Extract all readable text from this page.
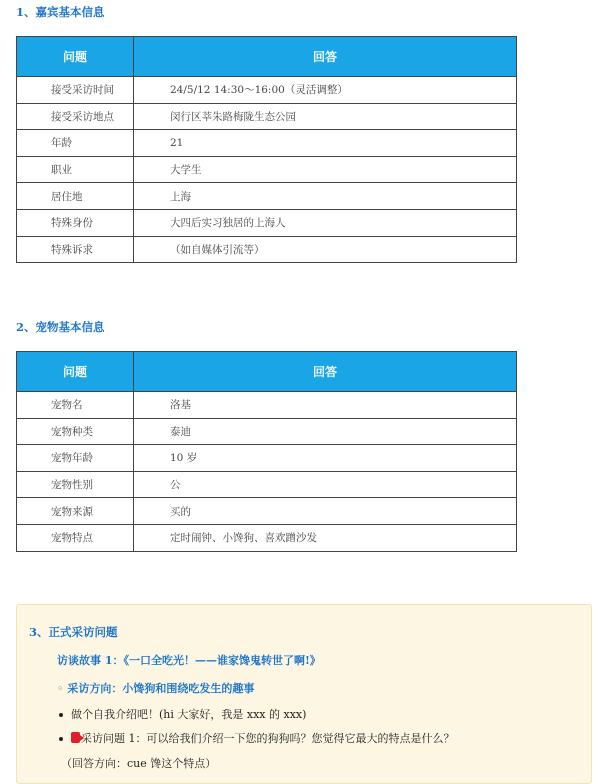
1、嘉宾基本信息
问题	回答
接受采访时间	24/5/12 14:30～16:00（灵活调整）
接受采访地点	闵行区莘朱路梅陇生态公园
年龄	21
职业	大学生
居住地	上海
特殊身份	大四后实习独居的上海人
特殊诉求	（如自媒体引流等）
2、宠物基本信息
问题	回答
宠物名	洛基
宠物种类	泰迪
宠物年龄	10 岁
宠物性别	公
宠物来源	买的
宠物特点	定时闹钟、小馋狗、喜欢蹭沙发
3、正式采访问题
访谈故事 1：《一口全吃光！——谁家馋鬼转世了啊!》
◦ 采访方向：小馋狗和围绕吃发生的趣事
做个自我介绍吧！(hi 大家好，我是 xxx 的 xxx)
采访问题 1：可以给我们介绍一下您的狗狗吗？您觉得它最大的特点是什么？
（回答方向：cue 馋这个特点）
